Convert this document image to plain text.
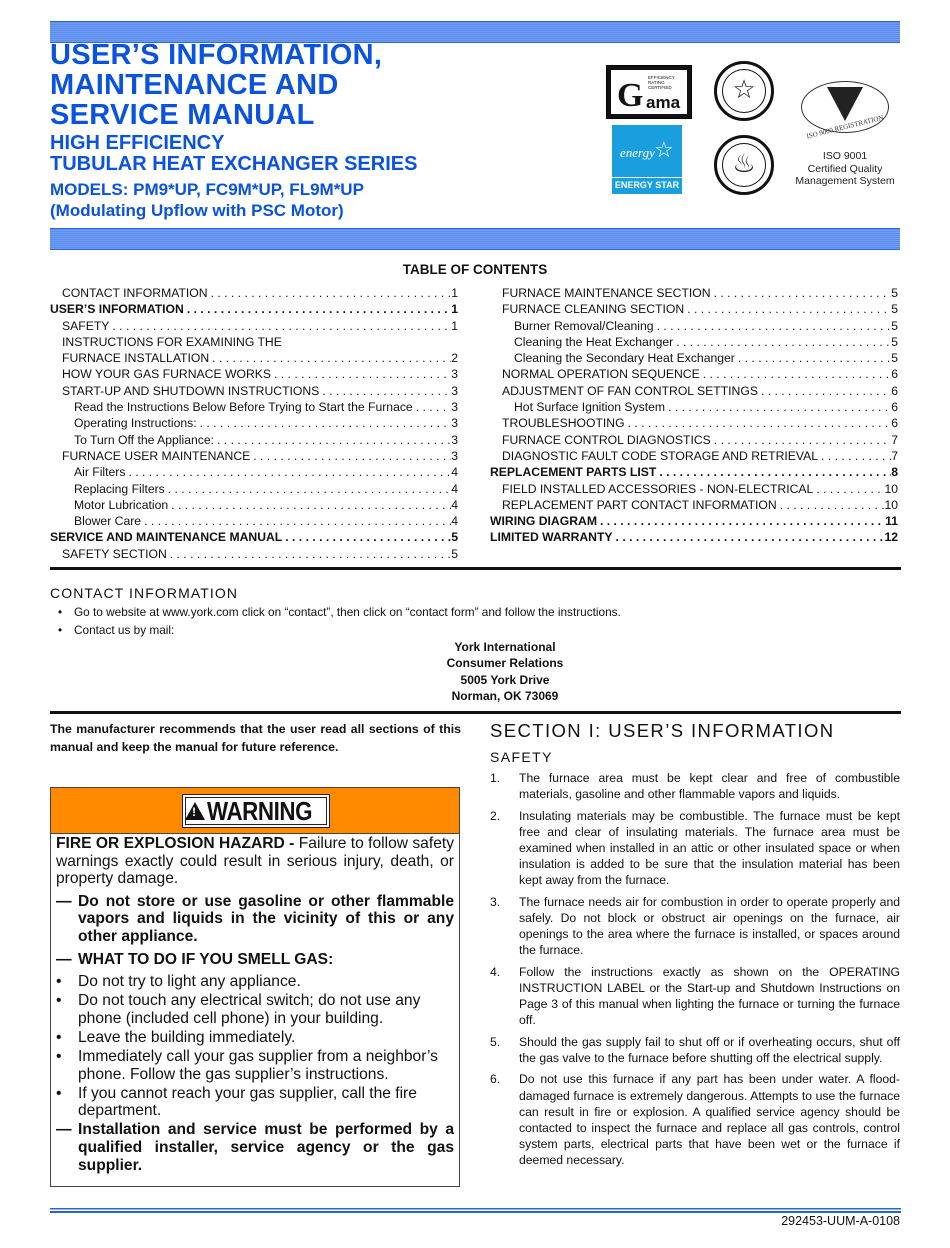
USER’S INFORMATION,
MAINTENANCE AND
SERVICE MANUAL
HIGH EFFICIENCY
TUBULAR HEAT EXCHANGER SERIES
MODELS: PM9*UP, FC9M*UP, FL9M*UP
(Modulating Upflow with PSC Motor)
G EFFICIENCY
RATING
CERTIFIED
ama
energy ☆
ENERGY STAR
☆
♨
ISO 9000 REGISTRATION
ISO 9001
Certified Quality
Management System
TABLE OF CONTENTS
CONTACT INFORMATION . . .	1
USER’S INFORMATION . . .	1
SAFETY . . .	1
INSTRUCTIONS FOR EXAMINING THE
FURNACE INSTALLATION . . .	2
HOW YOUR GAS FURNACE WORKS . . .	3
START-UP AND SHUTDOWN INSTRUCTIONS . . .	3
Read the Instructions Below Before Trying to Start the Furnace . . .	3
Operating Instructions: . . .	3
To Turn Off the Appliance: . . .	3
FURNACE USER MAINTENANCE . . .	3
Air Filters . . .	4
Replacing Filters . . .	4
Motor Lubrication . . .	4
Blower Care . . .	4
SERVICE AND MAINTENANCE MANUAL . . .	5
SAFETY SECTION . . .	5
FURNACE MAINTENANCE SECTION . . .	5
FURNACE CLEANING SECTION . . .	5
Burner Removal/Cleaning . . .	5
Cleaning the Heat Exchanger . . .	5
Cleaning the Secondary Heat Exchanger . . .	5
NORMAL OPERATION SEQUENCE . . .	6
ADJUSTMENT OF FAN CONTROL SETTINGS . . .	6
Hot Surface Ignition System . . .	6
TROUBLESHOOTING . . .	6
FURNACE CONTROL DIAGNOSTICS . . .	7
DIAGNOSTIC FAULT CODE STORAGE AND RETRIEVAL . . .	7
REPLACEMENT PARTS LIST . . .	8
FIELD INSTALLED ACCESSORIES - NON-ELECTRICAL . . .	10
REPLACEMENT PART CONTACT INFORMATION . . .	10
WIRING DIAGRAM . . .	11
LIMITED WARRANTY . . .	12
CONTACT INFORMATION
•	Go to website at www.york.com click on “contact”, then click on “contact form” and follow the instructions.
•	Contact us by mail:
York International
Consumer Relations
5005 York Drive
Norman, OK 73069
The manufacturer recommends that the user read all sections of this manual and keep the manual for future reference.
!
WARNING
FIRE OR EXPLOSION HAZARD - Failure to follow safety warnings exactly could result in serious injury, death, or property damage.
— Do not store or use gasoline or other flammable vapors and liquids in the vicinity of this or any other appliance.
— WHAT TO DO IF YOU SMELL GAS:
•	Do not try to light any appliance.
•	Do not touch any electrical switch; do not use any phone (included cell phone) in your building.
•	Leave the building immediately.
•	Immediately call your gas supplier from a neighbor’s phone. Follow the gas supplier’s instructions.
•	If you cannot reach your gas supplier, call the fire department.
— Installation and service must be performed by a qualified installer, service agency or the gas supplier.
SECTION I: USER’S INFORMATION
SAFETY
1.	The furnace area must be kept clear and free of combustible materials, gasoline and other flammable vapors and liquids.
2.	Insulating materials may be combustible. The furnace must be kept free and clear of insulating materials. The furnace area must be examined when installed in an attic or other insulated space or when insulation is added to be sure that the insulation material has been kept away from the furnace.
3.	The furnace needs air for combustion in order to operate properly and safely. Do not block or obstruct air openings on the furnace, air openings to the area where the furnace is installed, or spaces around the furnace.
4.	Follow the instructions exactly as shown on the OPERATING INSTRUCTION LABEL or the Start-up and Shutdown Instructions on Page 3 of this manual when lighting the furnace or turning the furnace off.
5.	Should the gas supply fail to shut off or if overheating occurs, shut off the gas valve to the furnace before shutting off the electrical supply.
6.	Do not use this furnace if any part has been under water. A flood-damaged furnace is extremely dangerous. Attempts to use the furnace can result in fire or explosion. A qualified service agency should be contacted to inspect the furnace and replace all gas controls, control system parts, electrical parts that have been wet or the furnace if deemed necessary.
292453-UUM-A-0108
